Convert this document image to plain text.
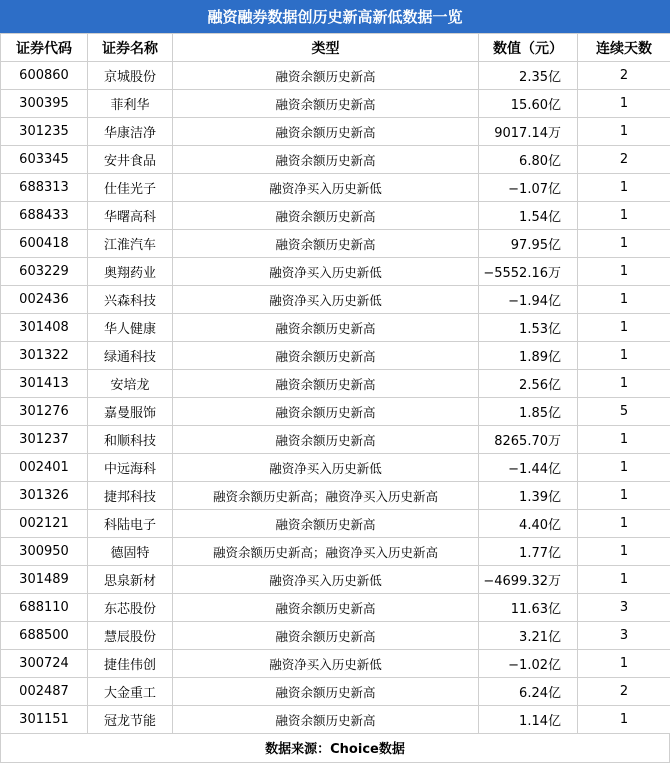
融资融券数据创历史新高新低数据一览
证券代码	证券名称	类型	数值（元）	连续天数
600860	京城股份	融资余额历史新高	2.35亿	2
300395	菲利华	融资余额历史新高	15.60亿	1
301235	华康洁净	融资余额历史新高	9017.14万	1
603345	安井食品	融资余额历史新高	6.80亿	2
688313	仕佳光子	融资净买入历史新低	−1.07亿	1
688433	华曙高科	融资余额历史新高	1.54亿	1
600418	江淮汽车	融资余额历史新高	97.95亿	1
603229	奥翔药业	融资净买入历史新低	−5552.16万	1
002436	兴森科技	融资净买入历史新低	−1.94亿	1
301408	华人健康	融资余额历史新高	1.53亿	1
301322	绿通科技	融资余额历史新高	1.89亿	1
301413	安培龙	融资余额历史新高	2.56亿	1
301276	嘉曼服饰	融资余额历史新高	1.85亿	5
301237	和顺科技	融资余额历史新高	8265.70万	1
002401	中远海科	融资净买入历史新低	−1.44亿	1
301326	捷邦科技	融资余额历史新高；融资净买入历史新高	1.39亿	1
002121	科陆电子	融资余额历史新高	4.40亿	1
300950	德固特	融资余额历史新高；融资净买入历史新高	1.77亿	1
301489	思泉新材	融资净买入历史新低	−4699.32万	1
688110	东芯股份	融资余额历史新高	11.63亿	3
688500	慧辰股份	融资余额历史新高	3.21亿	3
300724	捷佳伟创	融资净买入历史新低	−1.02亿	1
002487	大金重工	融资余额历史新高	6.24亿	2
301151	冠龙节能	融资余额历史新高	1.14亿	1
数据来源：Choice数据
